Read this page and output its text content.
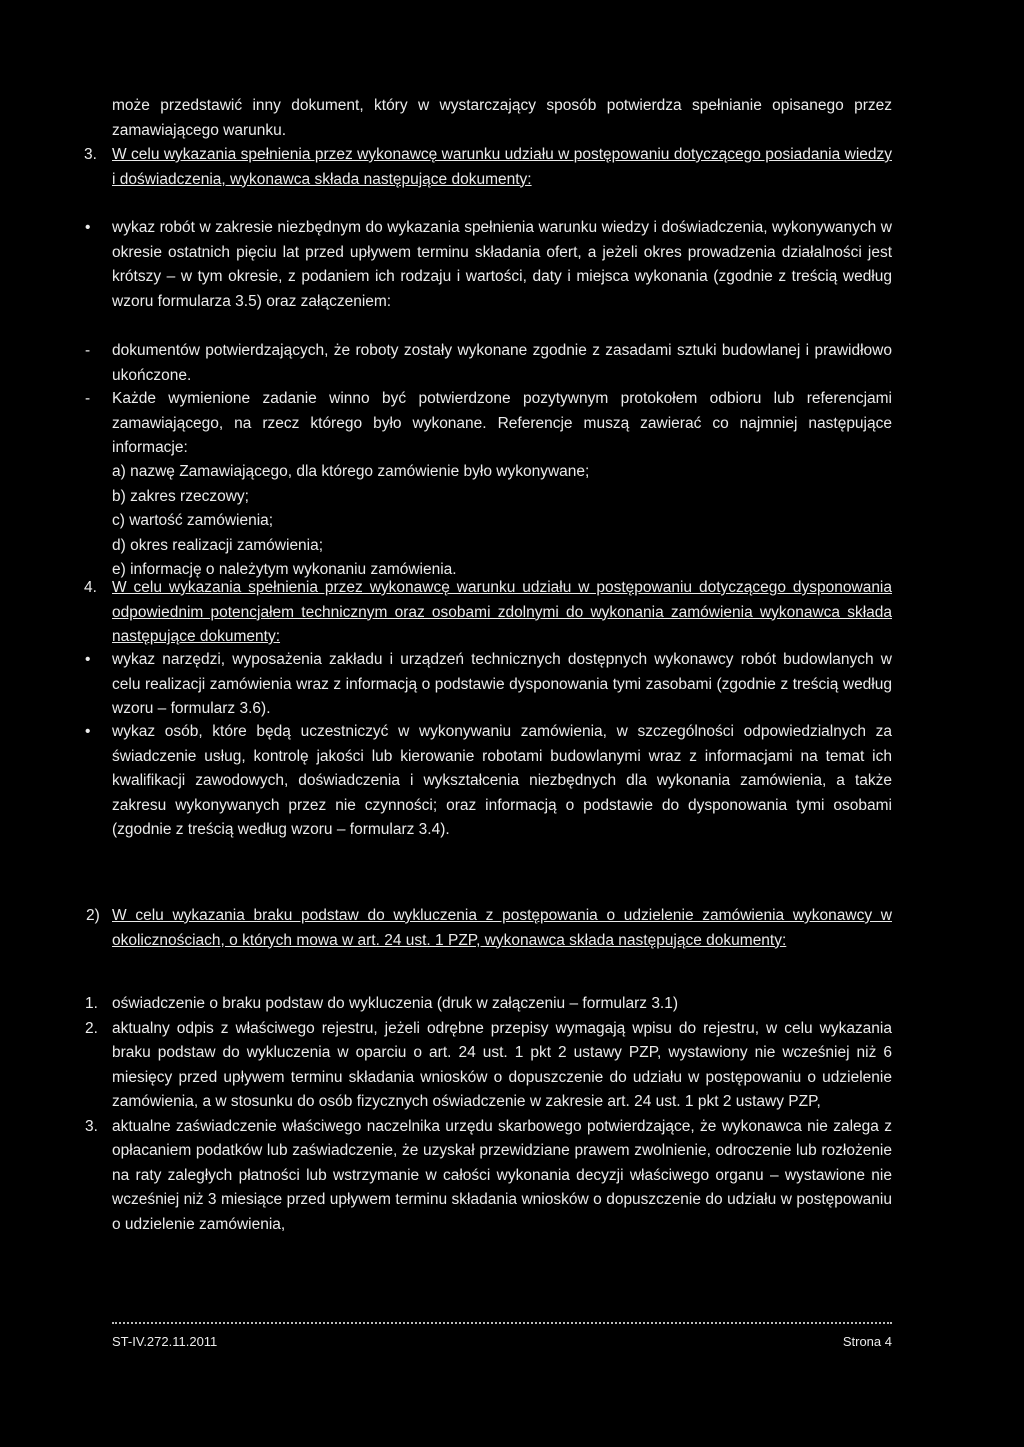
może przedstawić inny dokument, który w wystarczający sposób potwierdza spełnianie opisanego przez zamawiającego warunku.

3. W celu wykazania spełnienia przez wykonawcę warunku udziału w postępowaniu dotyczącego posiadania wiedzy i doświadczenia, wykonawca składa następujące dokumenty:
• wykaz robót w zakresie niezbędnym do wykazania spełnienia warunku wiedzy i doświadczenia, wykonywanych w okresie ostatnich pięciu lat przed upływem terminu składania ofert, a jeżeli okres prowadzenia działalności jest krótszy – w tym okresie, z podaniem ich rodzaju i wartości, daty i miejsca wykonania (zgodnie z treścią według wzoru formularza 3.5) oraz załączeniem:
- dokumentów potwierdzających, że roboty zostały wykonane zgodnie z zasadami sztuki budowlanej i prawidłowo ukończone.
- Każde wymienione zadanie winno być potwierdzone pozytywnym protokołem odbioru lub referencjami zamawiającego, na rzecz którego było wykonane. Referencje muszą zawierać co najmniej następujące informacje:
a) nazwę Zamawiającego, dla którego zamówienie było wykonywane;
b) zakres rzeczowy;
c) wartość zamówienia;
d) okres realizacji zamówienia;
e) informację o należytym wykonaniu zamówienia.
4. W celu wykazania spełnienia przez wykonawcę warunku udziału w postępowaniu dotyczącego dysponowania odpowiednim potencjałem technicznym oraz osobami zdolnymi do wykonania zamówienia wykonawca składa następujące dokumenty:
• wykaz narzędzi, wyposażenia zakładu i urządzeń technicznych dostępnych wykonawcy robót budowlanych w celu realizacji zamówienia wraz z informacją o podstawie dysponowania tymi zasobami (zgodnie z treścią według wzoru – formularz 3.6).
• wykaz osób, które będą uczestniczyć w wykonywaniu zamówienia, w szczególności odpowiedzialnych za świadczenie usług, kontrolę jakości lub kierowanie robotami budowlanymi wraz z informacjami na temat ich kwalifikacji zawodowych, doświadczenia i wykształcenia niezbędnych dla wykonania zamówienia, a także zakresu wykonywanych przez nie czynności; oraz informacją o podstawie do dysponowania tymi osobami (zgodnie z treścią według wzoru – formularz 3.4).
2) W celu wykazania braku podstaw do wykluczenia z postępowania o udzielenie zamówienia wykonawcy w okolicznościach, o których mowa w art. 24 ust. 1 PZP, wykonawca składa następujące dokumenty:
1. oświadczenie o braku podstaw do wykluczenia (druk w załączeniu – formularz 3.1)
2. aktualny odpis z właściwego rejestru, jeżeli odrębne przepisy wymagają wpisu do rejestru, w celu wykazania braku podstaw do wykluczenia w oparciu o art. 24 ust. 1 pkt 2 ustawy PZP, wystawiony nie wcześniej niż 6 miesięcy przed upływem terminu składania wniosków o dopuszczenie do udziału w postępowaniu o udzielenie zamówienia, a w stosunku do osób fizycznych oświadczenie w zakresie art. 24 ust. 1 pkt 2 ustawy PZP,
3. aktualne zaświadczenie właściwego naczelnika urzędu skarbowego potwierdzające, że wykonawca nie zalega z opłacaniem podatków lub zaświadczenie, że uzyskał przewidziane prawem zwolnienie, odroczenie lub rozłożenie na raty zaległych płatności lub wstrzymanie w całości wykonania decyzji właściwego organu – wystawione nie wcześniej niż 3 miesiące przed upływem terminu składania wniosków o dopuszczenie do udziału w postępowaniu o udzielenie zamówienia,
ST-IV.272.11.2011	Strona 4
